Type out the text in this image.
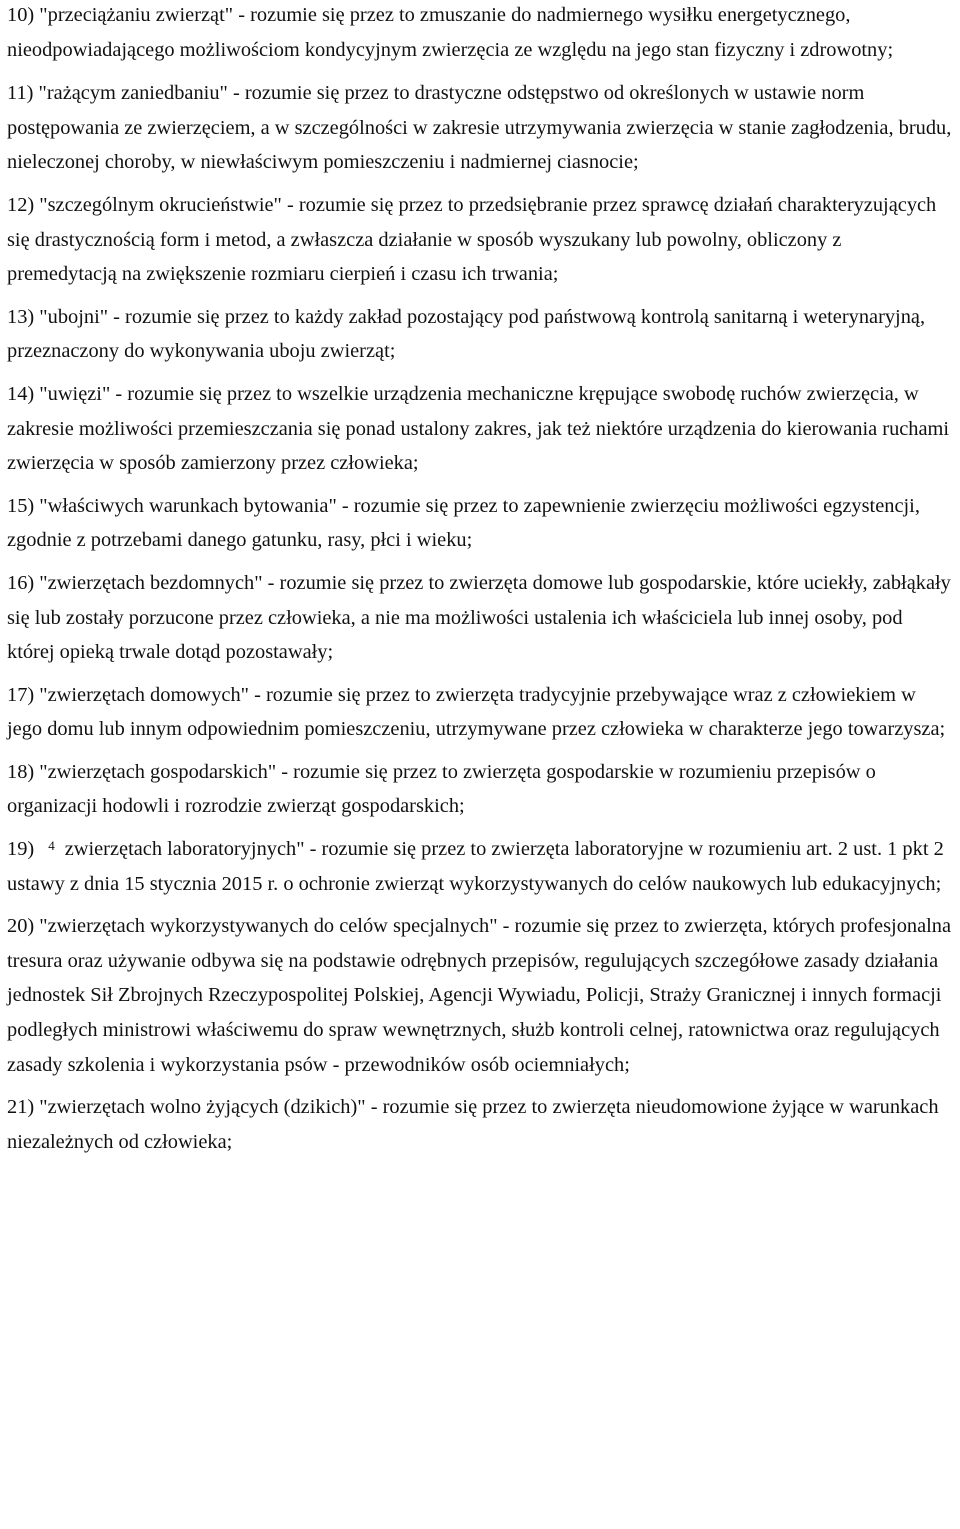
10) "przeciążaniu zwierząt" - rozumie się przez to zmuszanie do nadmiernego wysiłku energetycznego, nieodpowiadającego możliwościom kondycyjnym zwierzęcia ze względu na jego stan fizyczny i zdrowotny;

11) "rażącym zaniedbaniu" - rozumie się przez to drastyczne odstępstwo od określonych w ustawie norm postępowania ze zwierzęciem, a w szczególności w zakresie utrzymywania zwierzęcia w stanie zagłodzenia, brudu, nieleczonej choroby, w niewłaściwym pomieszczeniu i nadmiernej ciasnocie;

12) "szczególnym okrucieństwie" - rozumie się przez to przedsiębranie przez sprawcę działań charakteryzujących się drastycznością form i metod, a zwłaszcza działanie w sposób wyszukany lub powolny, obliczony z premedytacją na zwiększenie rozmiaru cierpień i czasu ich trwania;

13) "ubojni" - rozumie się przez to każdy zakład pozostający pod państwową kontrolą sanitarną i weterynaryjną, przeznaczony do wykonywania uboju zwierząt;

14) "uwięzi" - rozumie się przez to wszelkie urządzenia mechaniczne krępujące swobodę ruchów zwierzęcia, w zakresie możliwości przemieszczania się ponad ustalony zakres, jak też niektóre urządzenia do kierowania ruchami zwierzęcia w sposób zamierzony przez człowieka;

15) "właściwych warunkach bytowania" - rozumie się przez to zapewnienie zwierzęciu możliwości egzystencji, zgodnie z potrzebami danego gatunku, rasy, płci i wieku;

16) "zwierzętach bezdomnych" - rozumie się przez to zwierzęta domowe lub gospodarskie, które uciekły, zabłąkały się lub zostały porzucone przez człowieka, a nie ma możliwości ustalenia ich właściciela lub innej osoby, pod której opieką trwale dotąd pozostawały;

17) "zwierzętach domowych" - rozumie się przez to zwierzęta tradycyjnie przebywające wraz z człowiekiem w jego domu lub innym odpowiednim pomieszczeniu, utrzymywane przez człowieka w charakterze jego towarzysza;

18) "zwierzętach gospodarskich" - rozumie się przez to zwierzęta gospodarskie w rozumieniu przepisów o organizacji hodowli i rozrodzie zwierząt gospodarskich;

19) 4 zwierzętach laboratoryjnych" - rozumie się przez to zwierzęta laboratoryjne w rozumieniu art. 2 ust. 1 pkt 2 ustawy z dnia 15 stycznia 2015 r. o ochronie zwierząt wykorzystywanych do celów naukowych lub edukacyjnych;

20) "zwierzętach wykorzystywanych do celów specjalnych" - rozumie się przez to zwierzęta, których profesjonalna tresura oraz używanie odbywa się na podstawie odrębnych przepisów, regulujących szczegółowe zasady działania jednostek Sił Zbrojnych Rzeczypospolitej Polskiej, Agencji Wywiadu, Policji, Straży Granicznej i innych formacji podległych ministrowi właściwemu do spraw wewnętrznych, służb kontroli celnej, ratownictwa oraz regulujących zasady szkolenia i wykorzystania psów - przewodników osób ociemniałych;

21) "zwierzętach wolno żyjących (dzikich)" - rozumie się przez to zwierzęta nieudomowione żyjące w warunkach niezależnych od człowieka;
